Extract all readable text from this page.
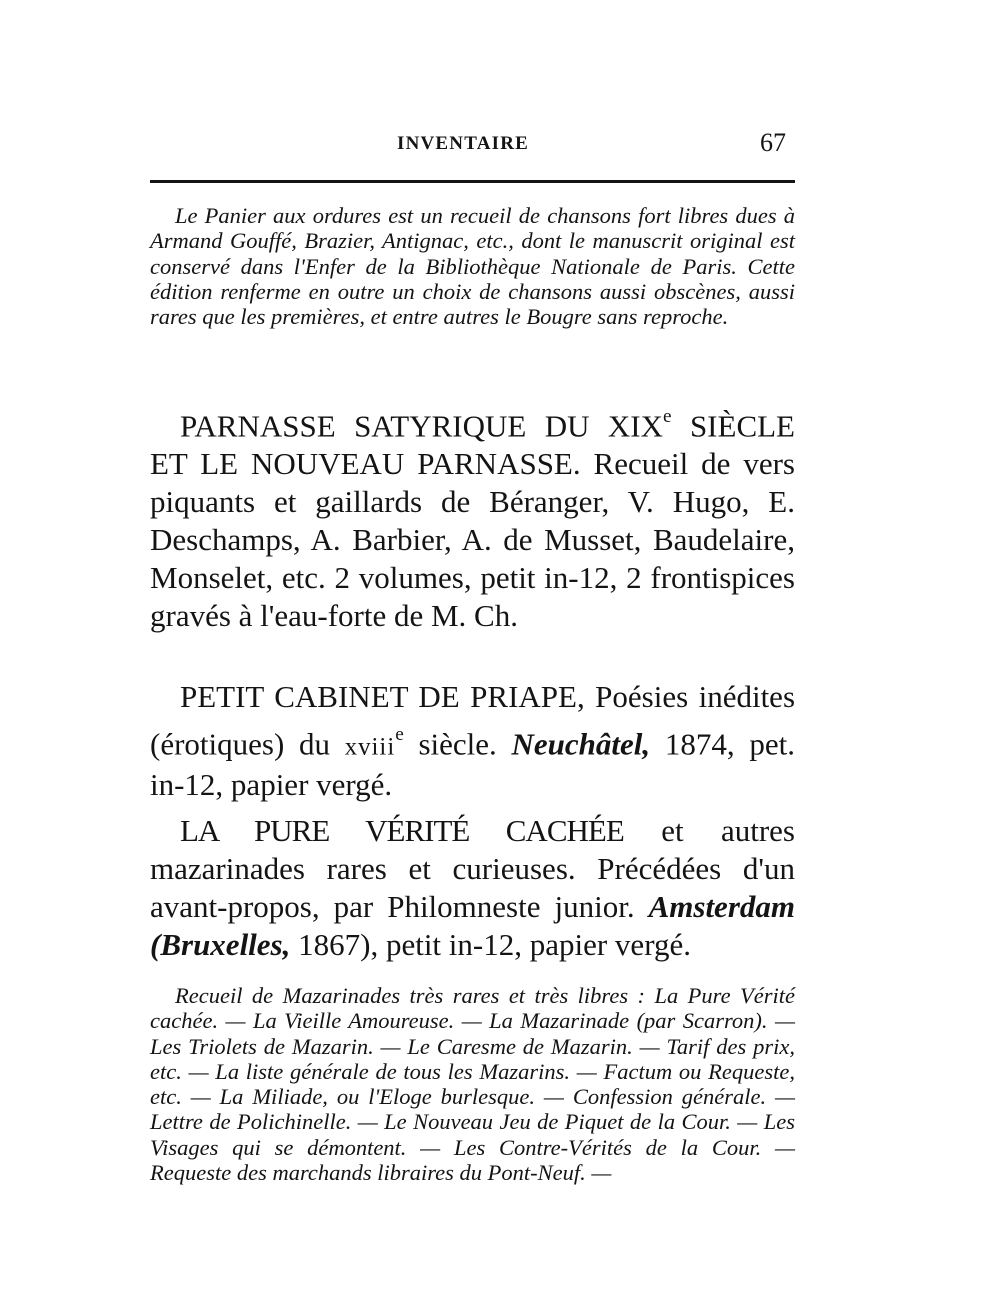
INVENTAIRE	67

Le Panier aux ordures est un recueil de chansons fort libres dues à Armand Gouffé, Brazier, Antignac, etc., dont le manuscrit original est conservé dans l'Enfer de la Bibliothèque Nationale de Paris. Cette édition renferme en outre un choix de chansons aussi obscènes, aussi rares que les premières, et entre autres le Bougre sans reproche.

PARNASSE SATYRIQUE DU XIXe SIÈCLE ET LE NOUVEAU PARNASSE. Recueil de vers piquants et gaillards de Béranger, V. Hugo, E. Deschamps, A. Barbier, A. de Musset, Baudelaire, Monselet, etc. 2 volumes, petit in-12, 2 frontispices gravés à l'eau-forte de M. Ch.

PETIT CABINET DE PRIAPE, Poésies inédites (érotiques) du xviii$^e$ siècle. Neuchâtel, 1874, pet. in-12, papier vergé.

LA PURE VÉRITÉ CACHÉE et autres mazarinades rares et curieuses. Précédées d'un avant-propos, par Philomneste junior. Amsterdam (Bruxelles, 1867), petit in-12, papier vergé.

Recueil de Mazarinades très rares et très libres : La Pure Vérité cachée. — La Vieille Amoureuse. — La Mazarinade (par Scarron). — Les Triolets de Mazarin. — Le Caresme de Mazarin. — Tarif des prix, etc. — La liste générale de tous les Mazarins. — Factum ou Requeste, etc. — La Miliade, ou l'Eloge burlesque. — Confession générale. — Lettre de Polichinelle. — Le Nouveau Jeu de Piquet de la Cour. — Les Visages qui se démontent. — Les Contre-Vérités de la Cour. — Requeste des marchands libraires du Pont-Neuf. —
